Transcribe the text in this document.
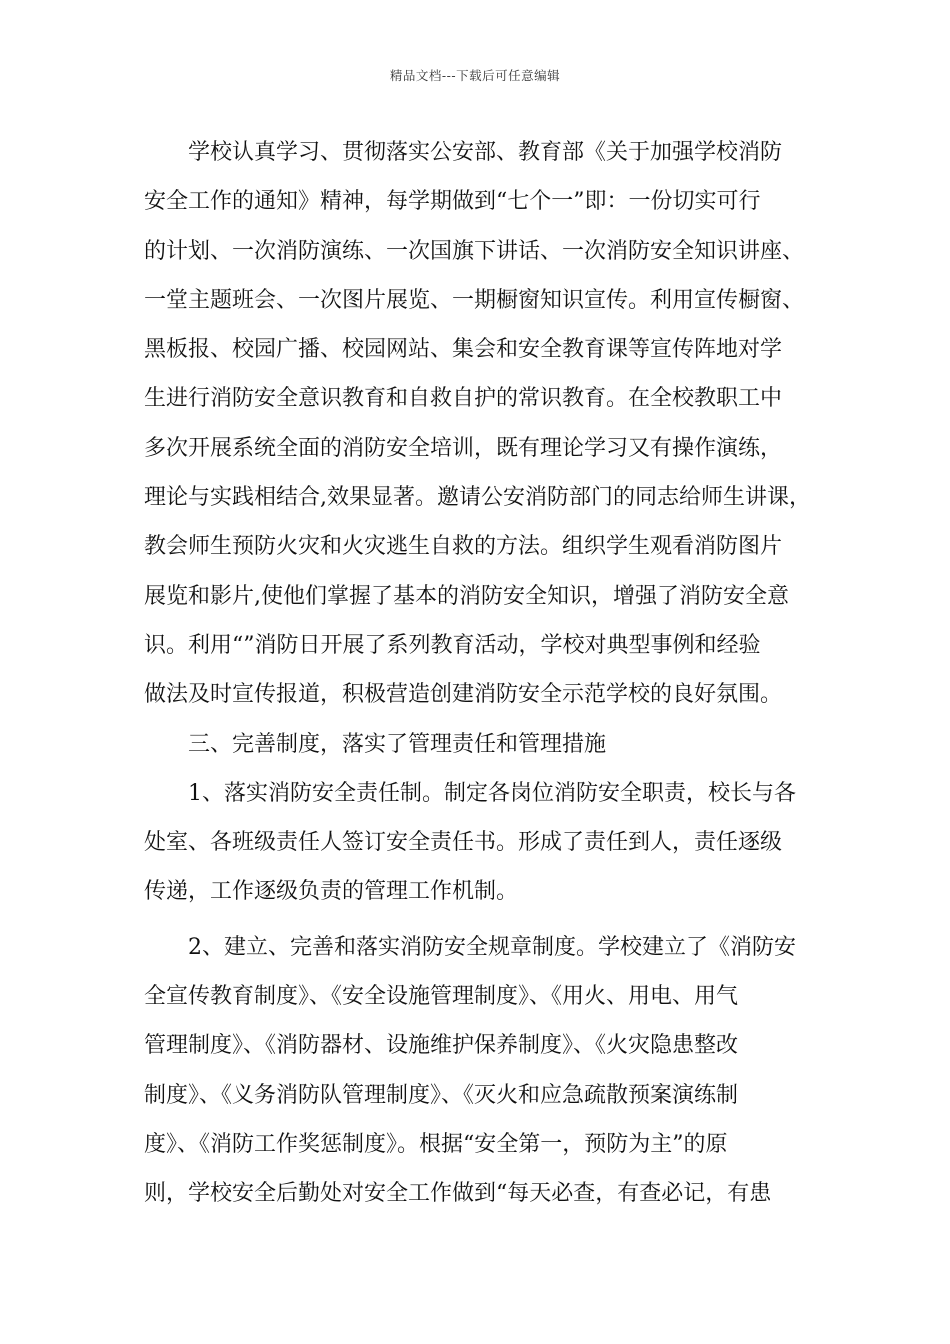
精品文档---下载后可任意编辑
学校认真学习、贯彻落实公安部、教育部《关于加强学校消防
安全工作的通知》精神，每学期做到“七个一”即：一份切实可行
的计划、一次消防演练、一次国旗下讲话、一次消防安全知识讲座、
一堂主题班会、一次图片展览、一期橱窗知识宣传。利用宣传橱窗、
黑板报、校园广播、校园网站、集会和安全教育课等宣传阵地对学
生进行消防安全意识教育和自救自护的常识教育。在全校教职工中
多次开展系统全面的消防安全培训，既有理论学习又有操作演练，
理论与实践相结合,效果显著。邀请公安消防部门的同志给师生讲课，
教会师生预防火灾和火灾逃生自救的方法。组织学生观看消防图片
展览和影片,使他们掌握了基本的消防安全知识，增强了消防安全意
识。利用“”消防日开展了系列教育活动，学校对典型事例和经验
做法及时宣传报道，积极营造创建消防安全示范学校的良好氛围。
三、完善制度，落实了管理责任和管理措施
1、落实消防安全责任制。制定各岗位消防安全职责，校长与各
处室、各班级责任人签订安全责任书。形成了责任到人，责任逐级
传递，工作逐级负责的管理工作机制。
2、建立、完善和落实消防安全规章制度。学校建立了《消防安
全宣传教育制度》、《安全设施管理制度》、《用火、用电、用气
管理制度》、《消防器材、设施维护保养制度》、《火灾隐患整改
制度》、《义务消防队管理制度》、《灭火和应急疏散预案演练制
度》、《消防工作奖惩制度》。根据“安全第一，预防为主”的原
则，学校安全后勤处对安全工作做到“每天必查，有查必记，有患
